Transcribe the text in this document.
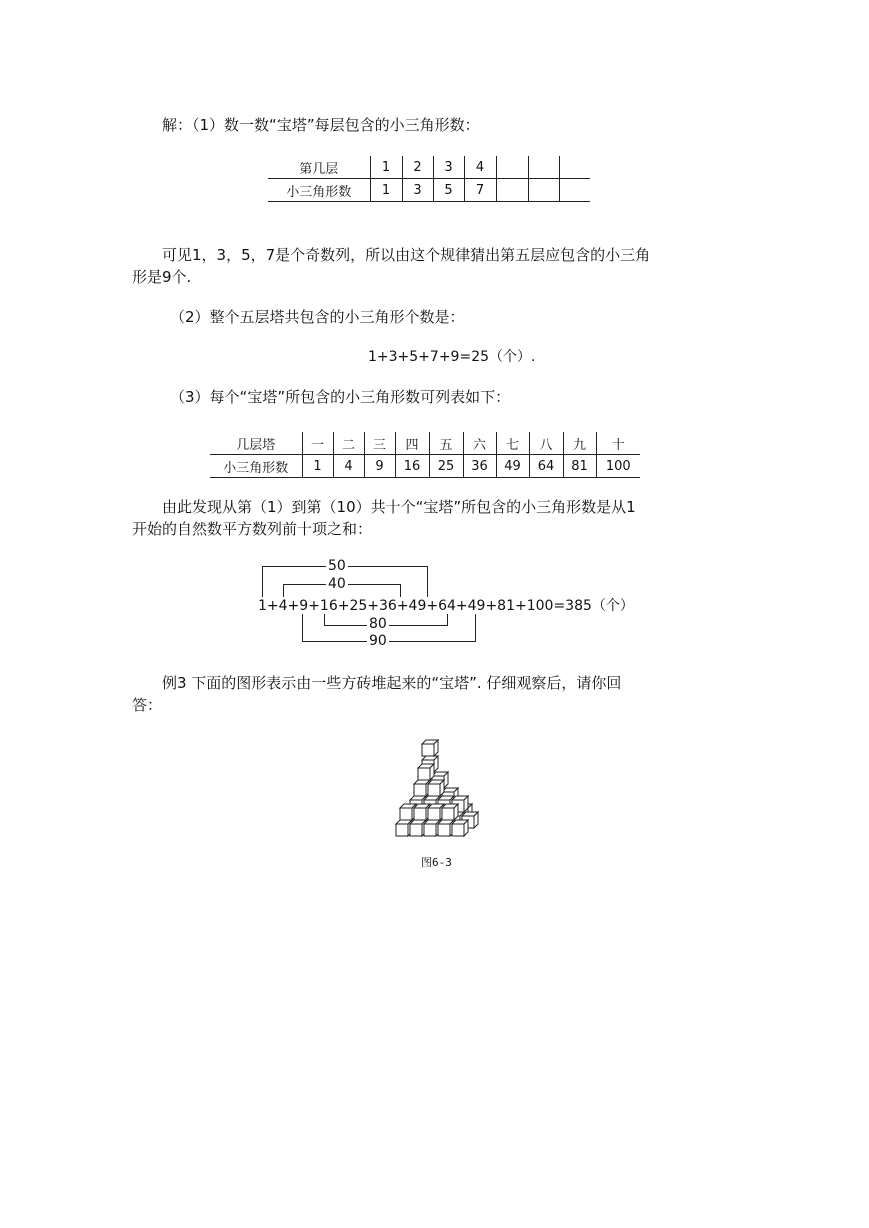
解：（1）数一数“宝塔”每层包含的小三角形数：
第几层	1	2	3	4			
小三角形数	1	3	5	7			
可见1，3，5，7是个奇数列，所以由这个规律猜出第五层应包含的小三角
形是9个.
（2）整个五层塔共包含的小三角形个数是：
1+3+5+7+9=25（个）.
（3）每个“宝塔”所包含的小三角形数可列表如下：
几层塔	一	二	三	四	五	六	七	八	九	十
小三角形数	1	4	9	16	25	36	49	64	81	100
由此发现从第（1）到第（10）共十个“宝塔”所包含的小三角形数是从1
开始的自然数平方数列前十项之和：
50
40
1+4+9+16+25+36+49+64+49+81+100=385（个）
80
90
例3 下面的图形表示由一些方砖堆起来的“宝塔”. 仔细观察后，请你回
答：
图6-3
